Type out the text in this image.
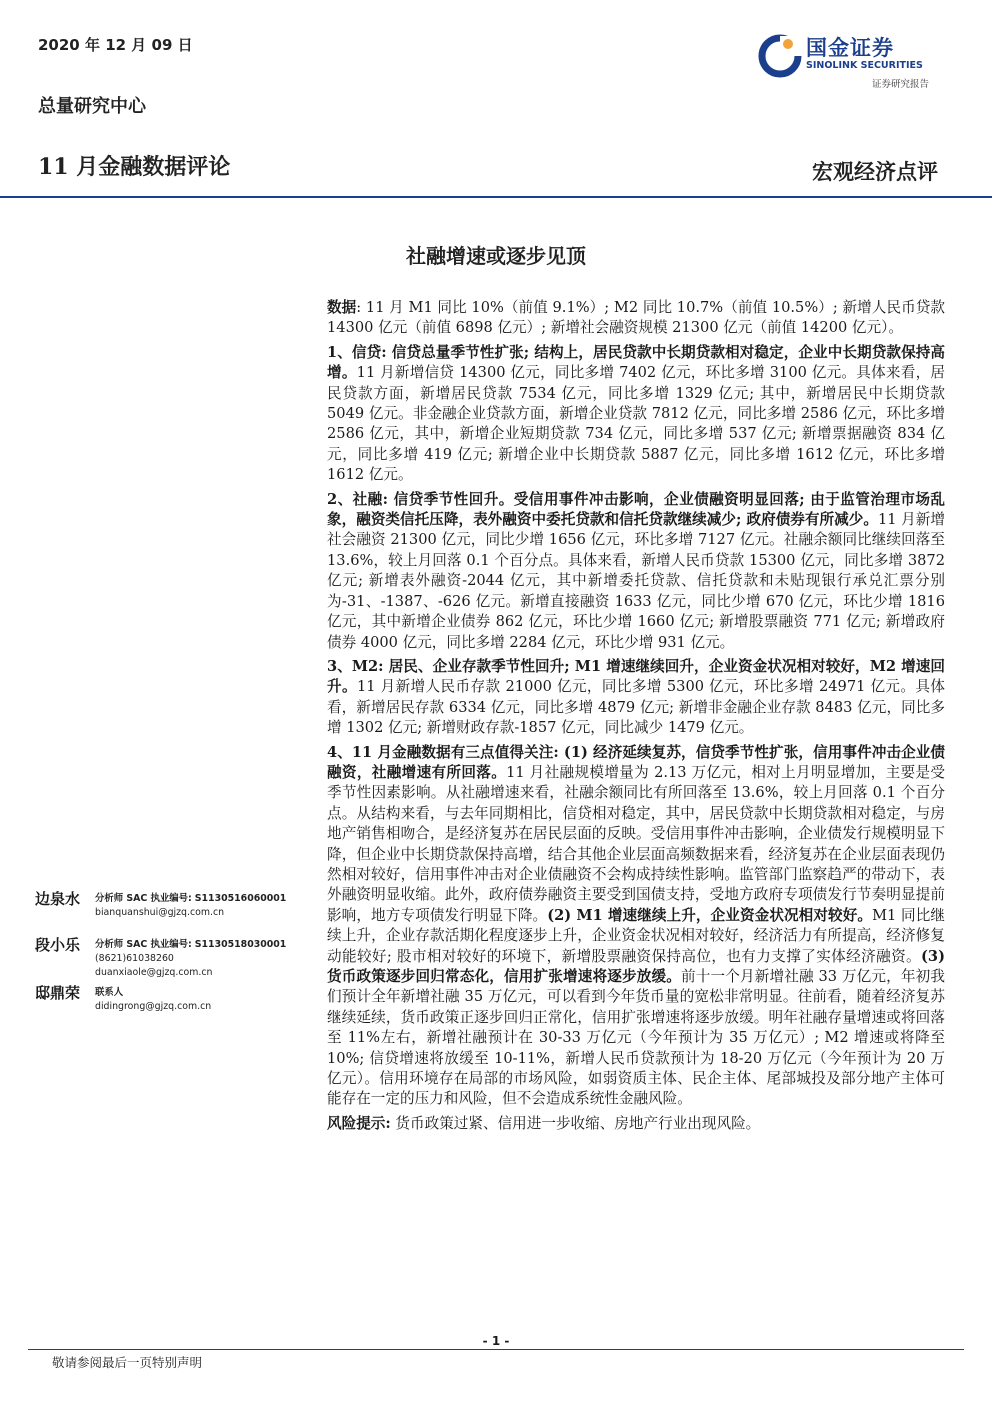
2020 年 12 月 09 日
总量研究中心
11 月金融数据评论	宏观经济点评
国金证券
SINOLINK SECURITIES
证券研究报告
社融增速或逐步见顶

数据: 11 月 M1 同比 10%（前值 9.1%）; M2 同比 10.7%（前值 10.5%）; 新增人民币贷款 14300 亿元（前值 6898 亿元）; 新增社会融资规模 21300 亿元（前值 14200 亿元）。

1、信贷: 信贷总量季节性扩张; 结构上，居民贷款中长期贷款相对稳定，企业中长期贷款保持高增。11 月新增信贷 14300 亿元，同比多增 7402 亿元，环比多增 3100 亿元。具体来看，居民贷款方面，新增居民贷款 7534 亿元，同比多增 1329 亿元; 其中，新增居民中长期贷款 5049 亿元。非金融企业贷款方面，新增企业贷款 7812 亿元，同比多增 2586 亿元，环比多增 2586 亿元，其中，新增企业短期贷款 734 亿元，同比多增 537 亿元; 新增票据融资 834 亿元，同比多增 419 亿元; 新增企业中长期贷款 5887 亿元，同比多增 1612 亿元，环比多增 1612 亿元。

2、社融: 信贷季节性回升。受信用事件冲击影响，企业债融资明显回落; 由于监管治理市场乱象，融资类信托压降，表外融资中委托贷款和信托贷款继续减少; 政府债券有所减少。11 月新增社会融资 21300 亿元，同比少增 1656 亿元，环比多增 7127 亿元。社融余额同比继续回落至 13.6%，较上月回落 0.1 个百分点。具体来看，新增人民币贷款 15300 亿元，同比多增 3872 亿元; 新增表外融资-2044 亿元，其中新增委托贷款、信托贷款和未贴现银行承兑汇票分别为-31、-1387、-626 亿元。新增直接融资 1633 亿元，同比少增 670 亿元，环比少增 1816 亿元，其中新增企业债券 862 亿元，环比少增 1660 亿元; 新增股票融资 771 亿元; 新增政府债券 4000 亿元，同比多增 2284 亿元，环比少增 931 亿元。

3、M2: 居民、企业存款季节性回升; M1 增速继续回升，企业资金状况相对较好，M2 增速回升。11 月新增人民币存款 21000 亿元，同比多增 5300 亿元，环比多增 24971 亿元。具体看，新增居民存款 6334 亿元，同比多增 4879 亿元; 新增非金融企业存款 8483 亿元，同比多增 1302 亿元; 新增财政存款-1857 亿元，同比减少 1479 亿元。

4、11 月金融数据有三点值得关注: (1) 经济延续复苏，信贷季节性扩张，信用事件冲击企业债融资，社融增速有所回落。11 月社融规模增量为 2.13 万亿元，相对上月明显增加，主要是受季节性因素影响。从社融增速来看，社融余额同比有所回落至 13.6%，较上月回落 0.1 个百分点。从结构来看，与去年同期相比，信贷相对稳定，其中，居民贷款中长期贷款相对稳定，与房地产销售相吻合，是经济复苏在居民层面的反映。受信用事件冲击影响，企业债发行规模明显下降，但企业中长期贷款保持高增，结合其他企业层面高频数据来看，经济复苏在企业层面表现仍然相对较好，信用事件冲击对企业债融资不会构成持续性影响。监管部门监察趋严的带动下，表外融资明显收缩。此外，政府债券融资主要受到国债支持，受地方政府专项债发行节奏明显提前影响，地方专项债发行明显下降。(2) M1 增速继续上升，企业资金状况相对较好。M1 同比继续上升，企业存款活期化程度逐步上升，企业资金状况相对较好，经济活力有所提高，经济修复动能较好; 股市相对较好的环境下，新增股票融资保持高位，也有力支撑了实体经济融资。(3) 货币政策逐步回归常态化，信用扩张增速将逐步放缓。前十一个月新增社融 33 万亿元，年初我们预计全年新增社融 35 万亿元，可以看到今年货币量的宽松非常明显。往前看，随着经济复苏继续延续，货币政策正逐步回归正常化，信用扩张增速将逐步放缓。明年社融存量增速或将回落至 11%左右，新增社融预计在 30-33 万亿元（今年预计为 35 万亿元）; M2 增速或将降至 10%; 信贷增速将放缓至 10-11%，新增人民币贷款预计为 18-20 万亿元（今年预计为 20 万亿元）。信用环境存在局部的市场风险，如弱资质主体、民企主体、尾部城投及部分地产主体可能存在一定的压力和风险，但不会造成系统性金融风险。

风险提示: 货币政策过紧、信用进一步收缩、房地产行业出现风险。

边泉水 分析师 SAC 执业编号: S1130516060001
bianquanshui@gjzq.com.cn
段小乐 分析师 SAC 执业编号: S1130518030001
(8621)61038260
duanxiaole@gjzq.com.cn
邸鼎荣 联系人
didingrong@gjzq.com.cn
- 1 -
敬请参阅最后一页特别声明
